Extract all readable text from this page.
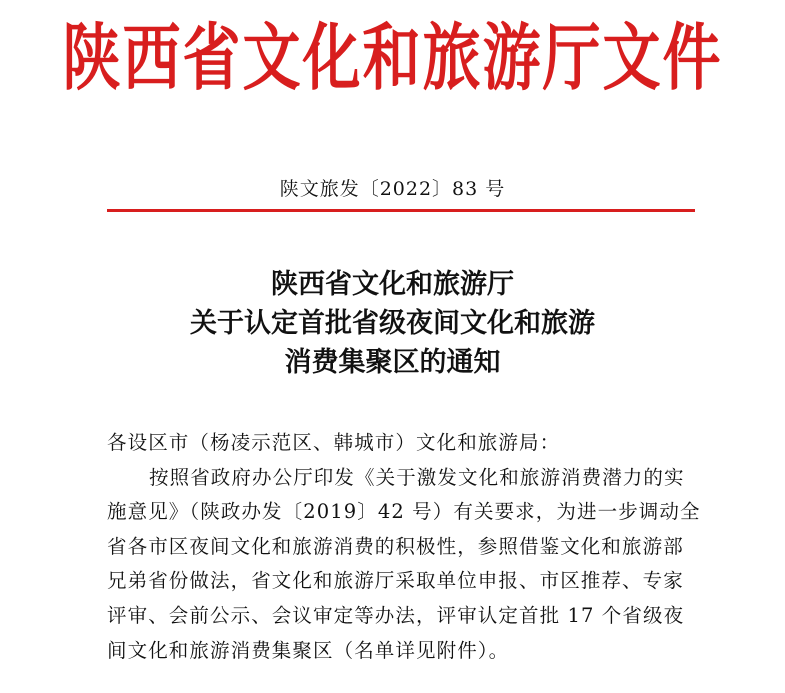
陕西省文化和旅游厅文件
陕文旅发〔2022〕83 号
陕西省文化和旅游厅
关于认定首批省级夜间文化和旅游
消费集聚区的通知
各设区市（杨凌示范区、韩城市）文化和旅游局：
按照省政府办公厅印发《关于激发文化和旅游消费潜力的实
施意见》（陕政办发〔2019〕42 号）有关要求，为进一步调动全
省各市区夜间文化和旅游消费的积极性，参照借鉴文化和旅游部
兄弟省份做法，省文化和旅游厅采取单位申报、市区推荐、专家
评审、会前公示、会议审定等办法，评审认定首批 17 个省级夜
间文化和旅游消费集聚区（名单详见附件）。
